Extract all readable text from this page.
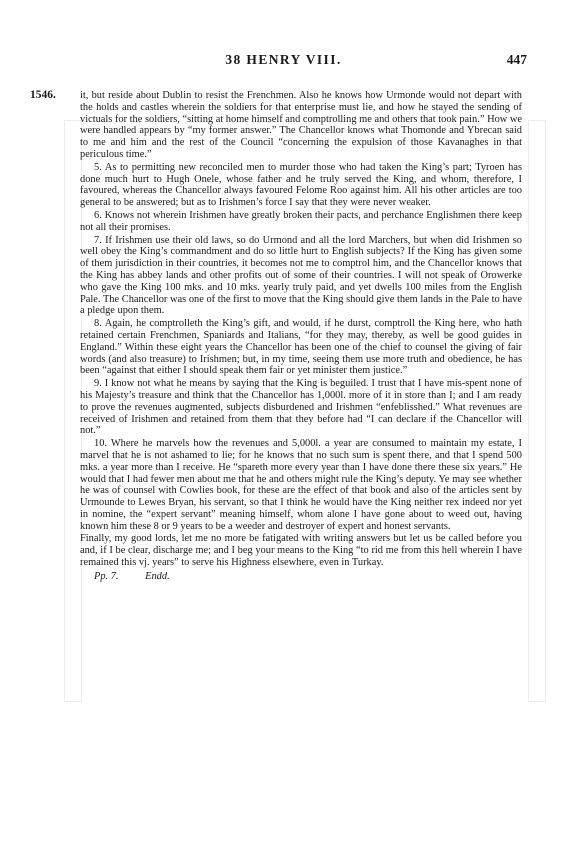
38 HENRY VIII.	447
1546. it, but reside about Dublin to resist the Frenchmen. Also he knows how Urmonde would not depart with the holds and castles wherein the soldiers for that enterprise must lie, and how he stayed the sending of victuals for the soldiers, “sitting at home himself and comptrolling me and others that took pain.” How we were handled appears by “my former answer.” The Chancellor knows what Thomonde and Ybrecan said to me and him and the rest of the Council “concerning the expulsion of those Kavanaghes in that periculous time.”

5. As to permitting new reconciled men to murder those who had taken the King’s part; Tyroen has done much hurt to Hugh Onele, whose father and he truly served the King, and whom, therefore, I favoured, whereas the Chancellor always favoured Felome Roo against him. All his other articles are too general to be answered; but as to Irishmen’s force I say that they were never weaker.

6. Knows not wherein Irishmen have greatly broken their pacts, and perchance Englishmen there keep not all their promises.

7. If Irishmen use their old laws, so do Urmond and all the lord Marchers, but when did Irishmen so well obey the King’s commandment and do so little hurt to English subjects? If the King has given some of them jurisdiction in their countries, it becomes not me to comptrol him, and the Chancellor knows that the King has abbey lands and other profits out of some of their countries. I will not speak of Orowerke who gave the King 100 mks. and 10 mks. yearly truly paid, and yet dwells 100 miles from the English Pale. The Chancellor was one of the first to move that the King should give them lands in the Pale to have a pledge upon them.

8. Again, he comptrolleth the King’s gift, and would, if he durst, comptroll the King here, who hath retained certain Frenchmen, Spaniards and Italians, “for they may, thereby, as well be good guides in England.” Within these eight years the Chancellor has been one of the chief to counsel the giving of fair words (and also treasure) to Irishmen; but, in my time, seeing them use more truth and obedience, he has been “against that either I should speak them fair or yet minister them justice.”

9. I know not what he means by saying that the King is beguiled. I trust that I have mis-spent none of his Majesty’s treasure and think that the Chancellor has 1,000l. more of it in store than I; and I am ready to prove the revenues augmented, subjects disburdened and Irishmen “enfeblisshed.” What revenues are received of Irishmen and retained from them that they before had “I can declare if the Chancellor will not.”

10. Where he marvels how the revenues and 5,000l. a year are consumed to maintain my estate, I marvel that he is not ashamed to lie; for he knows that no such sum is spent there, and that I spend 500 mks. a year more than I receive. He “spareth more every year than I have done there these six years.” He would that I had fewer men about me that he and others might rule the King’s deputy. Ye may see whether he was of counsel with Cowlies book, for these are the effect of that book and also of the articles sent by Urmounde to Lewes Bryan, his servant, so that I think he would have the King neither rex indeed nor yet in nomine, the “expert servant” meaning himself, whom alone I have gone about to weed out, having known him these 8 or 9 years to be a weeder and destroyer of expert and honest servants.

Finally, my good lords, let me no more be fatigated with writing answers but let us be called before you and, if I be clear, discharge me; and I beg your means to the King “to rid me from this hell wherein I have remained this vj. years” to serve his Highness elsewhere, even in Turkay.

Pp. 7.	Endd.
